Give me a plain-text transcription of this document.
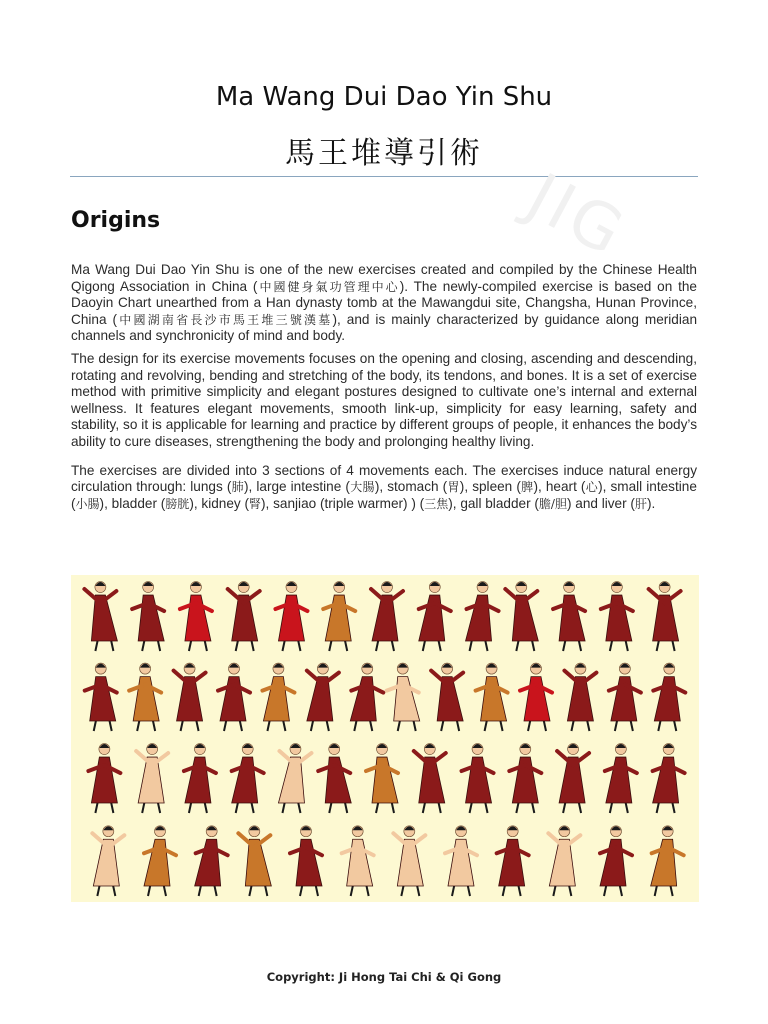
Ma Wang Dui Dao Yin Shu
馬王堆導引術
JIG
Origins

Ma Wang Dui Dao Yin Shu is one of the new exercises created and compiled by the Chinese Health Qigong Association in China (中國健身氣功管理中心). The newly-compiled exercise is based on the Daoyin Chart unearthed from a Han dynasty tomb at the Mawangdui site, Changsha, Hunan Province, China (中國湖南省長沙市馬王堆三號漢墓), and is mainly characterized by guidance along meridian channels and synchronicity of mind and body.

The design for its exercise movements focuses on the opening and closing, ascending and descending, rotating and revolving, bending and stretching of the body, its tendons, and bones. It is a set of exercise method with primitive simplicity and elegant postures designed to cultivate one’s internal and external wellness. It features elegant movements, smooth link-up, simplicity for easy learning, safety and stability, so it is applicable for learning and practice by different groups of people, it enhances the body’s ability to cure diseases, strengthening the body and prolonging healthy living.

The exercises are divided into 3 sections of 4 movements each. The exercises induce natural energy circulation through: lungs (肺), large intestine (大腸), stomach (胃), spleen (脾), heart (心), small intestine (小腸), bladder (膀胱), kidney (腎), sanjiao (triple warmer) ) (三焦), gall bladder (膽/胆) and liver (肝).

Copyright: Ji Hong Tai Chi & Qi Gong
